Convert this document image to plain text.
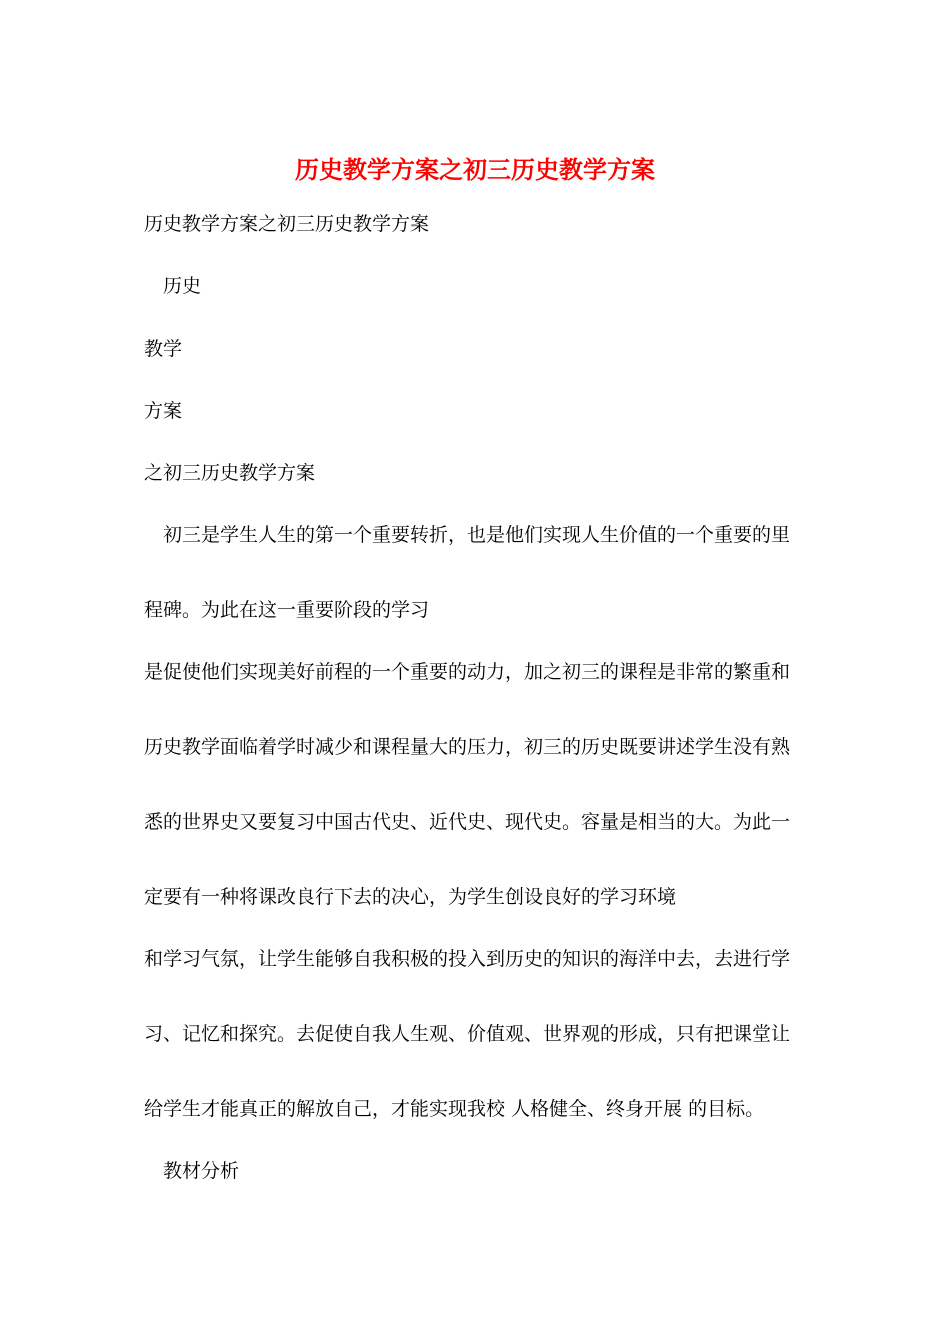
历史教学方案之初三历史教学方案
历史教学方案之初三历史教学方案
　历史
教学
方案
之初三历史教学方案
　初三是学生人生的第一个重要转折，也是他们实现人生价值的一个重要的里
程碑。为此在这一重要阶段的学习
是促使他们实现美好前程的一个重要的动力，加之初三的课程是非常的繁重和
历史教学面临着学时减少和课程量大的压力，初三的历史既要讲述学生没有熟
悉的世界史又要复习中国古代史、近代史、现代史。容量是相当的大。为此一
定要有一种将课改良行下去的决心，为学生创设良好的学习环境
和学习气氛，让学生能够自我积极的投入到历史的知识的海洋中去，去进行学
习、记忆和探究。去促使自我人生观、价值观、世界观的形成，只有把课堂让
给学生才能真正的解放自己，才能实现我校 人格健全、终身开展 的目标。
　教材分析
